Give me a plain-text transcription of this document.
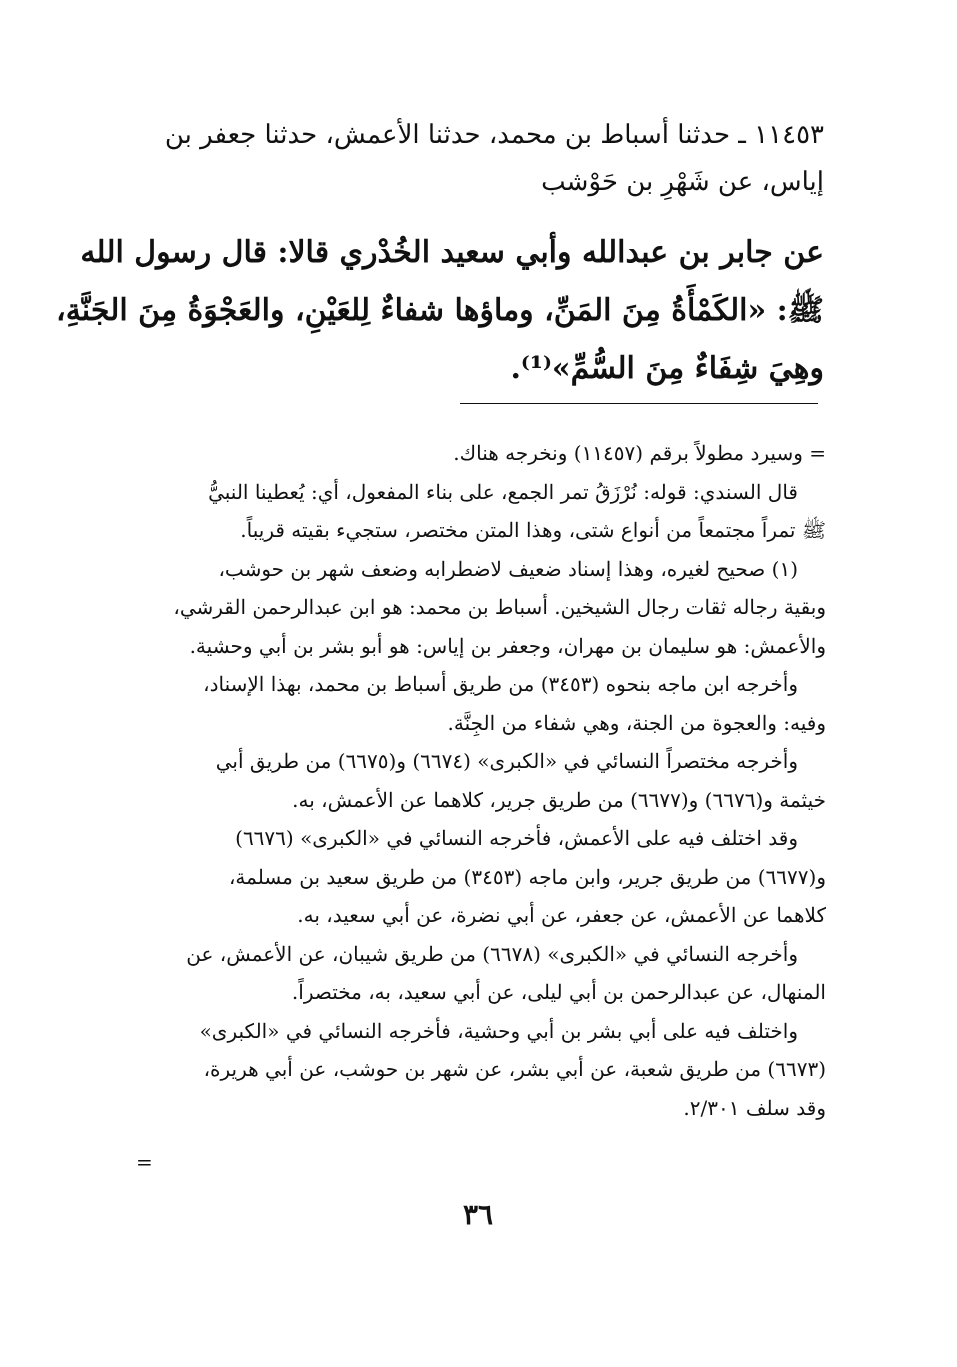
١١٤٥٣ ـ حدثنا أسباط بن محمد، حدثنا الأعمش، حدثنا جعفر بن
إياس، عن شَهْرِ بن حَوْشب
عن جابر بن عبدالله وأبي سعيد الخُدْري قالا: قال رسول الله
ﷺ: «الكَمْأَةُ مِنَ المَنِّ، وماؤها شفاءٌ لِلعَيْنِ، والعَجْوَةُ مِنَ الجَنَّةِ،
وهِيَ شِفَاءٌ مِنَ السُّمِّ»⁽¹⁾.
= وسيرد مطولاً برقم (١١٤٥٧) ونخرجه هناك.
قال السندي: قوله: نُرْزَقُ تمر الجمع، على بناء المفعول، أي: يُعطينا النبيُّ
ﷺ تمراً مجتمعاً من أنواع شتى، وهذا المتن مختصر، ستجيء بقيته قريباً.
(١) صحيح لغيره، وهذا إسناد ضعيف لاضطرابه وضعف شهر بن حوشب،
وبقية رجاله ثقات رجال الشيخين. أسباط بن محمد: هو ابن عبدالرحمن القرشي،
والأعمش: هو سليمان بن مهران، وجعفر بن إياس: هو أبو بشر بن أبي وحشية.
وأخرجه ابن ماجه بنحوه (٣٤٥٣) من طريق أسباط بن محمد، بهذا الإسناد،
وفيه: والعجوة من الجنة، وهي شفاء من الجِنَّة.
وأخرجه مختصراً النسائي في «الكبرى» (٦٦٧٤) و(٦٦٧٥) من طريق أبي
خيثمة و(٦٦٧٦) و(٦٦٧٧) من طريق جرير، كلاهما عن الأعمش، به.
وقد اختلف فيه على الأعمش، فأخرجه النسائي في «الكبرى» (٦٦٧٦)
و(٦٦٧٧) من طريق جرير، وابن ماجه (٣٤٥٣) من طريق سعيد بن مسلمة،
كلاهما عن الأعمش، عن جعفر، عن أبي نضرة، عن أبي سعيد، به.
وأخرجه النسائي في «الكبرى» (٦٦٧٨) من طريق شيبان، عن الأعمش، عن
المنهال، عن عبدالرحمن بن أبي ليلى، عن أبي سعيد، به، مختصراً.
واختلف فيه على أبي بشر بن أبي وحشية، فأخرجه النسائي في «الكبرى»
(٦٦٧٣) من طريق شعبة، عن أبي بشر، عن شهر بن حوشب، عن أبي هريرة،
وقد سلف ٢/٣٠١.
=
٣٦
